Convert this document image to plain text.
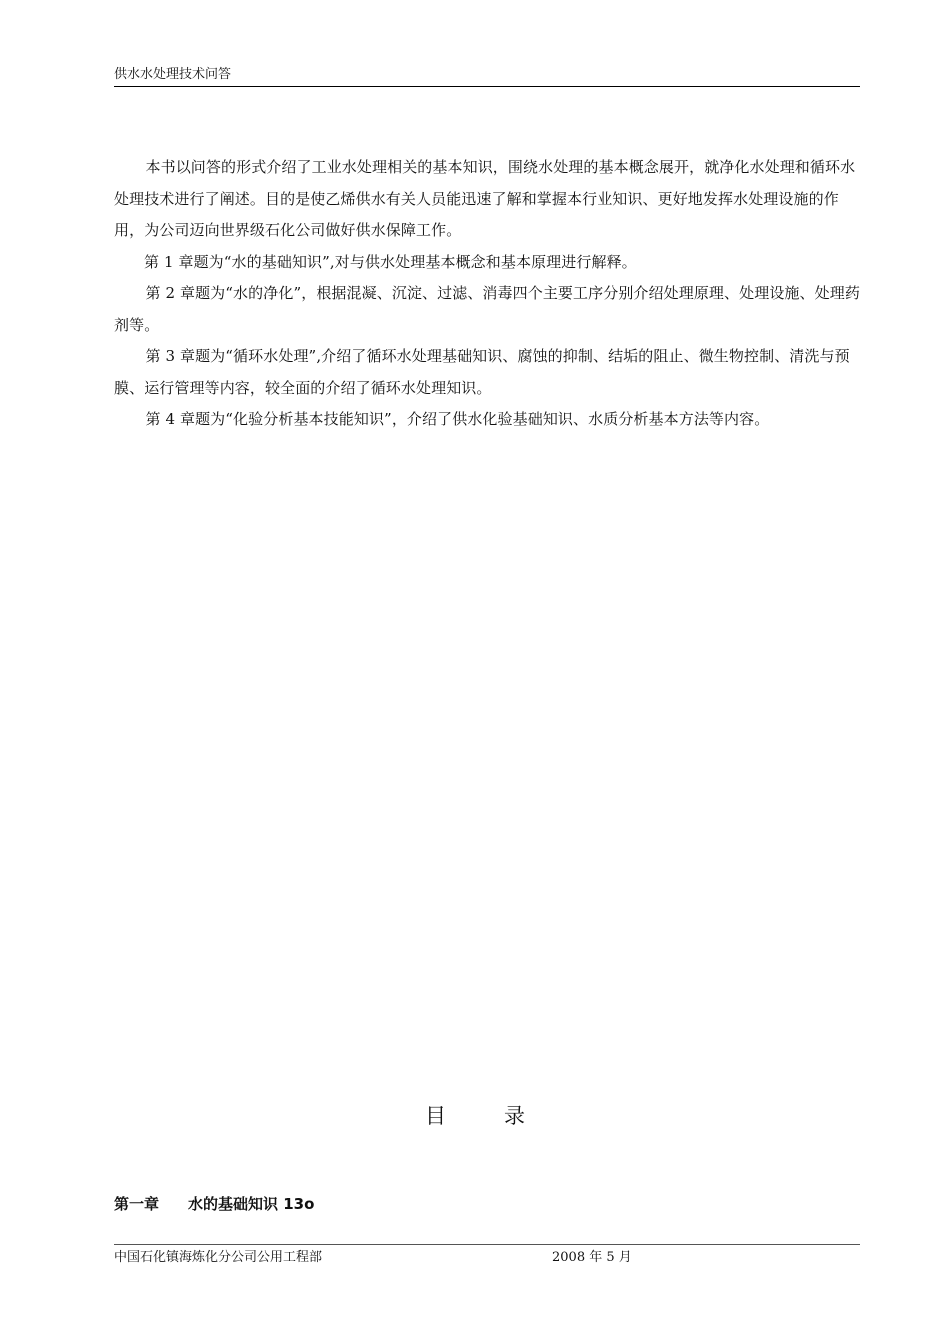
供水水处理技术问答

本书以问答的形式介绍了工业水处理相关的基本知识，围绕水处理的基本概念展开，就净化水处理和循环水处理技术进行了阐述。目的是使乙烯供水有关人员能迅速了解和掌握本行业知识、更好地发挥水处理设施的作用，为公司迈向世界级石化公司做好供水保障工作。

第 1 章题为“水的基础知识”,对与供水处理基本概念和基本原理进行解释。

第 2 章题为“水的净化”，根据混凝、沉淀、过滤、消毒四个主要工序分别介绍处理原理、处理设施、处理药剂等。

第 3 章题为“循环水处理”,介绍了循环水处理基础知识、腐蚀的抑制、结垢的阻止、微生物控制、清洗与预膜、运行管理等内容，较全面的介绍了循环水处理知识。

第 4 章题为“化验分析基本技能知识”，介绍了供水化验基础知识、水质分析基本方法等内容。

目	录
第一章 水的基础知识 13o
中国石化镇海炼化分公司公用工程部	2008 年 5 月
